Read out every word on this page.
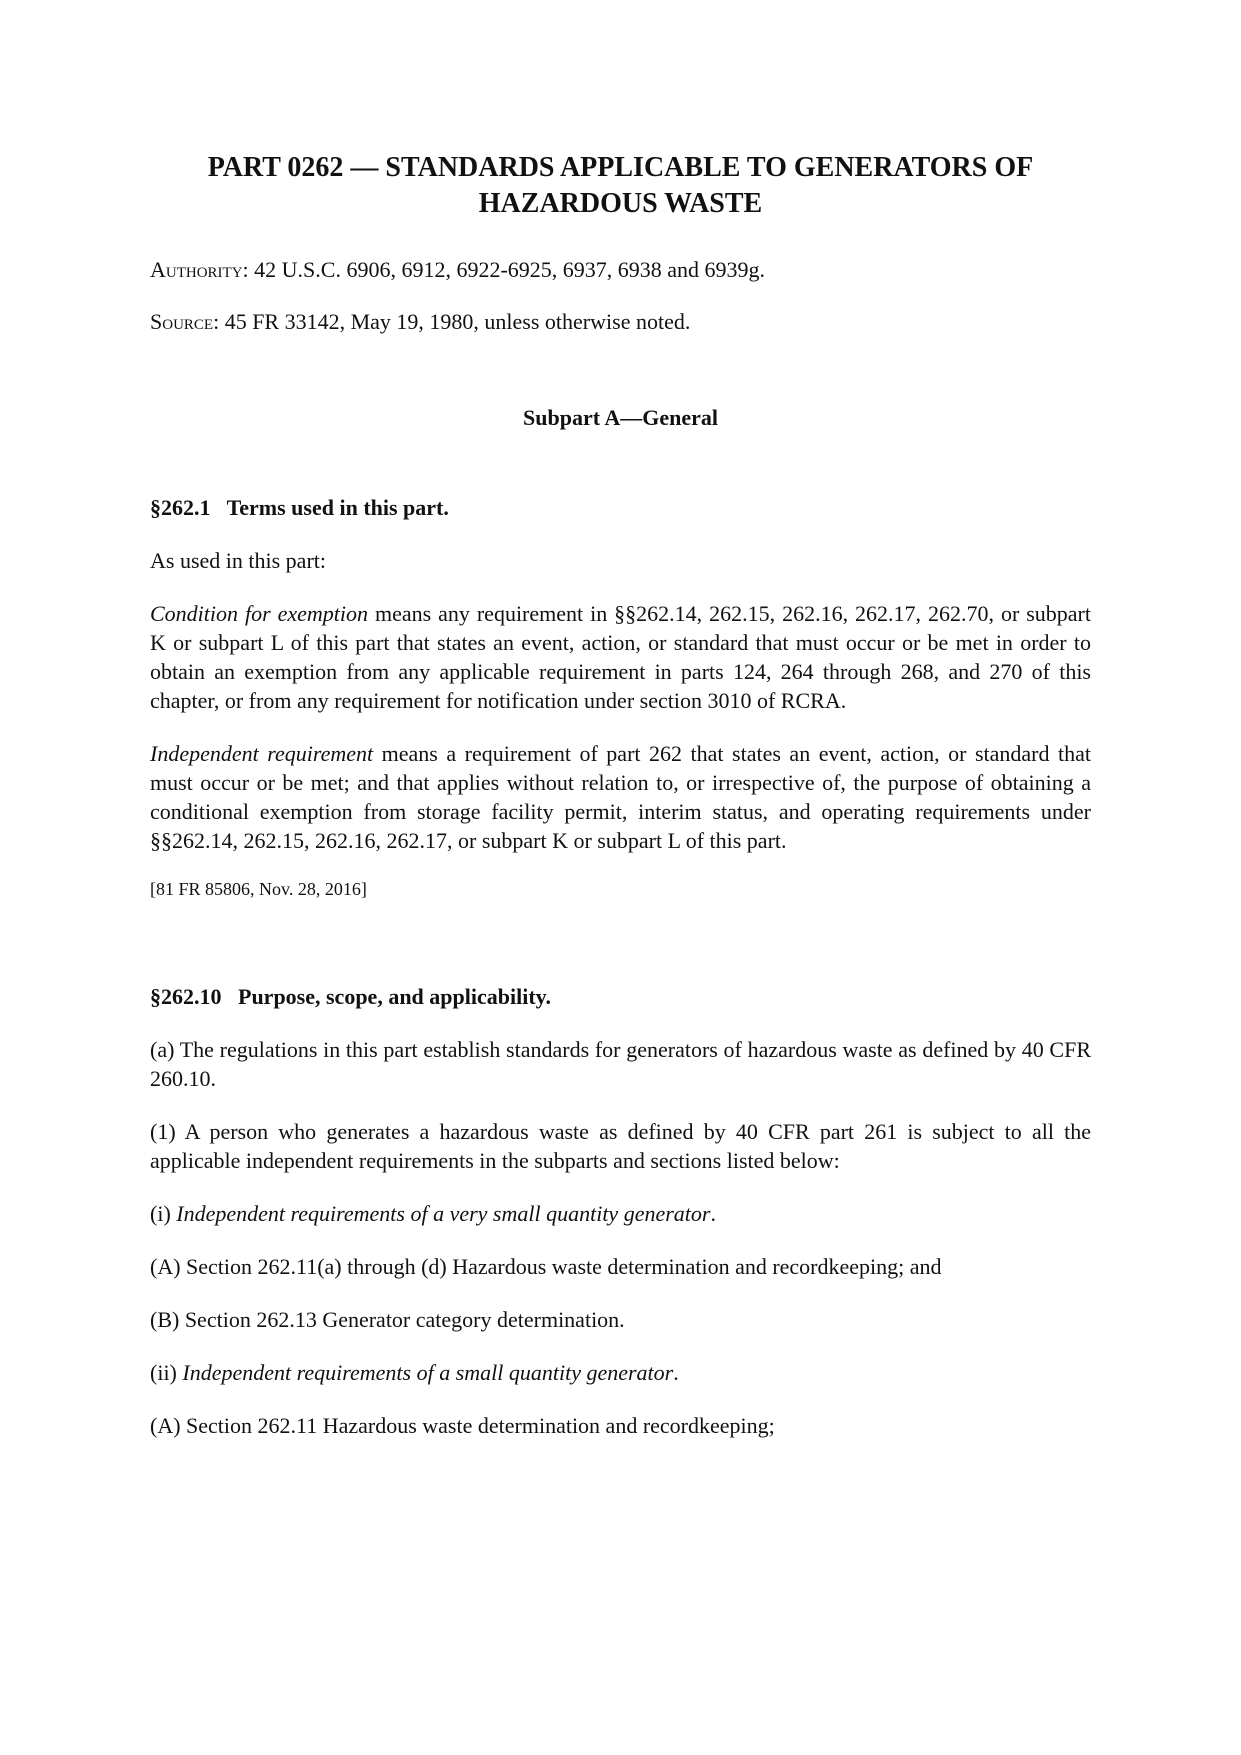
PART 0262 — STANDARDS APPLICABLE TO GENERATORS OF
HAZARDOUS WASTE

Authority: 42 U.S.C. 6906, 6912, 6922-6925, 6937, 6938 and 6939g.

Source: 45 FR 33142, May 19, 1980, unless otherwise noted.

Subpart A—General
§262.1 Terms used in this part.

As used in this part:

Condition for exemption means any requirement in §§262.14, 262.15, 262.16, 262.17, 262.70, or subpart K or subpart L of this part that states an event, action, or standard that must occur or be met in order to obtain an exemption from any applicable requirement in parts 124, 264 through 268, and 270 of this chapter, or from any requirement for notification under section 3010 of RCRA.

Independent requirement means a requirement of part 262 that states an event, action, or standard that must occur or be met; and that applies without relation to, or irrespective of, the purpose of obtaining a conditional exemption from storage facility permit, interim status, and operating requirements under §§262.14, 262.15, 262.16, 262.17, or subpart K or subpart L of this part.

[81 FR 85806, Nov. 28, 2016]

§262.10 Purpose, scope, and applicability.

(a) The regulations in this part establish standards for generators of hazardous waste as defined by 40 CFR 260.10.

(1) A person who generates a hazardous waste as defined by 40 CFR part 261 is subject to all the applicable independent requirements in the subparts and sections listed below:

(i) Independent requirements of a very small quantity generator.

(A) Section 262.11(a) through (d) Hazardous waste determination and recordkeeping; and

(B) Section 262.13 Generator category determination.

(ii) Independent requirements of a small quantity generator.

(A) Section 262.11 Hazardous waste determination and recordkeeping;
